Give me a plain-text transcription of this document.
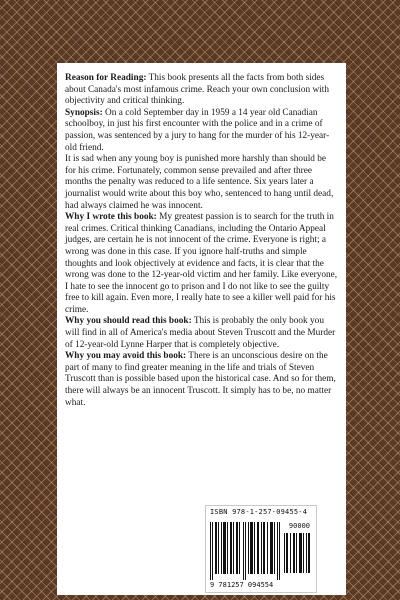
Reason for Reading: This book presents all the facts from both sides about Canada's most infamous crime. Reach your own conclusion with objectivity and critical thinking.

Synopsis: On a cold September day in 1959 a 14 year old Canadian schoolboy, in just his first encounter with the police and in a crime of passion, was sentenced by a jury to hang for the murder of his 12-year-old friend.

It is sad when any young boy is punished more harshly than should be for his crime. Fortunately, common sense prevailed and after three months the penalty was reduced to a life sentence. Six years later a journalist would write about this boy who, sentenced to hang until dead, had always claimed he was innocent.

Why I wrote this book: My greatest passion is to search for the truth in real crimes. Critical thinking Canadians, including the Ontario Appeal judges, are certain he is not innocent of the crime. Everyone is right; a wrong was done in this case. If you ignore half-truths and simple thoughts and look objectively at evidence and facts, it is clear that the wrong was done to the 12-year-old victim and her family. Like everyone, I hate to see the innocent go to prison and I do not like to see the guilty free to kill again. Even more, I really hate to see a killer well paid for his crime.

Why you should read this book: This is probably the only book you will find in all of America's media about Steven Truscott and the Murder of 12-year-old Lynne Harper that is completely objective.

Why you may avoid this book: There is an unconscious desire on the part of many to find greater meaning in the life and trials of Steven Truscott than is possible based upon the historical case. And so for them, there will always be an innocent Truscott. It simply has to be, no matter what.

ISBN 978-1-257-09455-4
90000
9 781257 094554
